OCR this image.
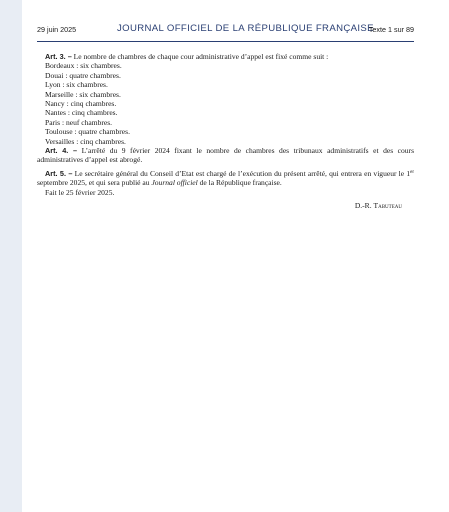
29 juin 2025	JOURNAL OFFICIEL DE LA RÉPUBLIQUE FRANÇAISE
Texte 1 sur 89

Art. 3. – Le nombre de chambres de chaque cour administrative d’appel est fixé comme suit :

Bordeaux : six chambres.

Douai : quatre chambres.

Lyon : six chambres.

Marseille : six chambres.

Nancy : cinq chambres.

Nantes : cinq chambres.

Paris : neuf chambres.

Toulouse : quatre chambres.

Versailles : cinq chambres.

Art. 4. – L’arrêté du 9 février 2024 fixant le nombre de chambres des tribunaux administratifs et des cours administratives d’appel est abrogé.

Art. 5. – Le secrétaire général du Conseil d’Etat est chargé de l’exécution du présent arrêté, qui entrera en vigueur le 1er septembre 2025, et qui sera publié au Journal officiel de la République française.

Fait le 25 février 2025.

D.-R. Tabuteau
